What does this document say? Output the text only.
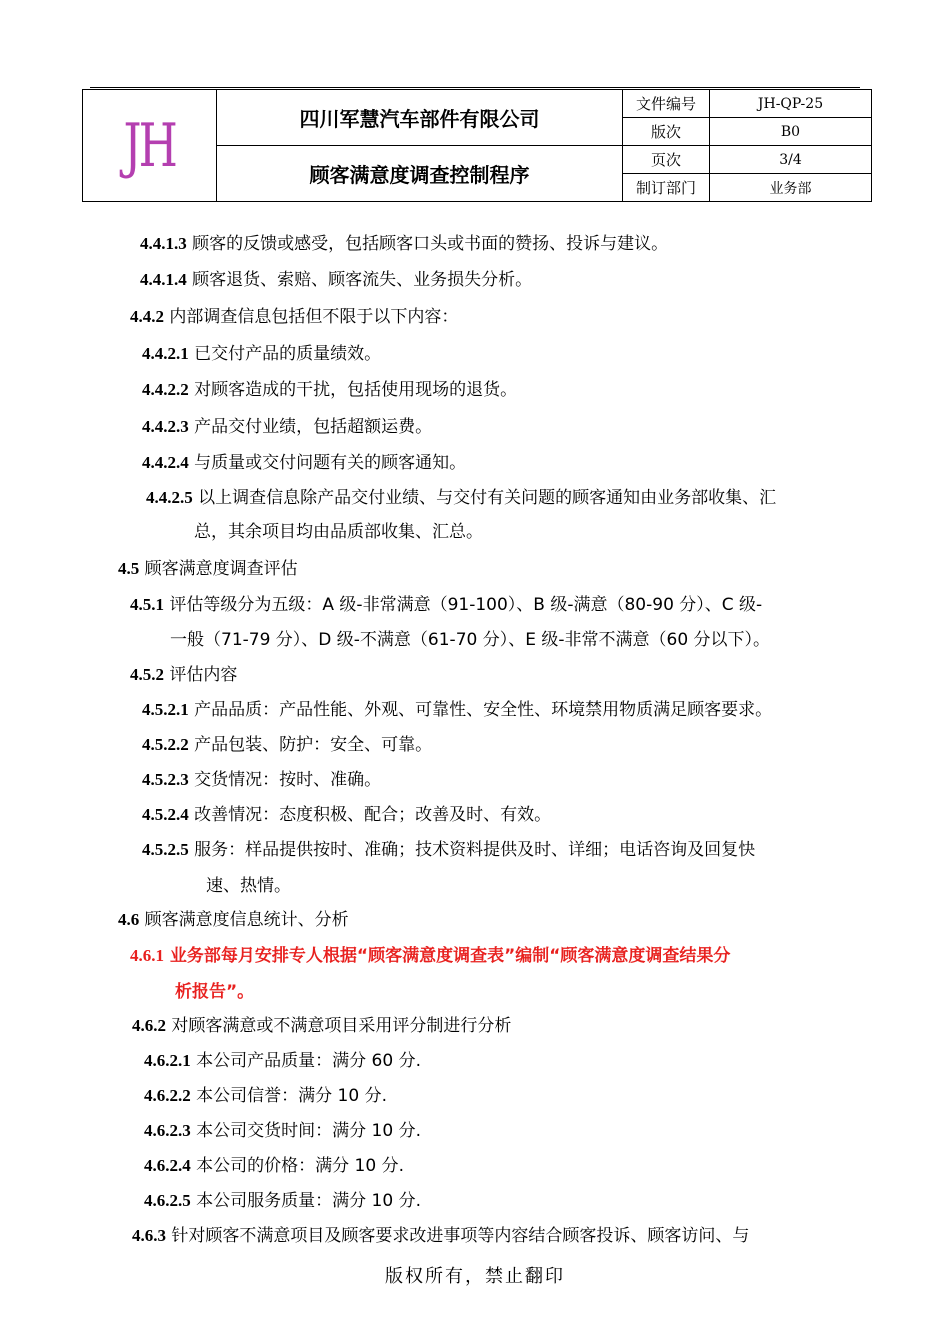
JH	四川军慧汽车部件有限公司	文件编号	JH-QP-25
		版次	B0
	顾客满意度调查控制程序	页次	3/4
		制订部门	业务部
4.4.1.3 顾客的反馈或感受，包括顾客口头或书面的赞扬、投诉与建议。
4.4.1.4 顾客退货、索赔、顾客流失、业务损失分析。
4.4.2 内部调查信息包括但不限于以下内容：
4.4.2.1 已交付产品的质量绩效。
4.4.2.2 对顾客造成的干扰，包括使用现场的退货。
4.4.2.3 产品交付业绩，包括超额运费。
4.4.2.4 与质量或交付问题有关的顾客通知。
4.4.2.5 以上调查信息除产品交付业绩、与交付有关问题的顾客通知由业务部收集、汇
总，其余项目均由品质部收集、汇总。
4.5 顾客满意度调查评估
4.5.1 评估等级分为五级：A 级-非常满意（91-100）、B 级-满意（80-90 分）、C 级-
一般（71-79 分）、D 级-不满意（61-70 分）、E 级-非常不满意（60 分以下）。
4.5.2 评估内容
4.5.2.1 产品品质：产品性能、外观、可靠性、安全性、环境禁用物质满足顾客要求。
4.5.2.2 产品包装、防护：安全、可靠。
4.5.2.3 交货情况：按时、准确。
4.5.2.4 改善情况：态度积极、配合；改善及时、有效。
4.5.2.5 服务：样品提供按时、准确；技术资料提供及时、详细；电话咨询及回复快
速、热情。
4.6 顾客满意度信息统计、分析
4.6.1 业务部每月安排专人根据“顾客满意度调查表”编制“顾客满意度调查结果分
析报告”。
4.6.2 对顾客满意或不满意项目采用评分制进行分析
4.6.2.1 本公司产品质量：满分 60 分.
4.6.2.2 本公司信誉：满分 10 分.
4.6.2.3 本公司交货时间：满分 10 分.
4.6.2.4 本公司的价格：满分 10 分.
4.6.2.5 本公司服务质量：满分 10 分.
4.6.3 针对顾客不满意项目及顾客要求改进事项等内容结合顾客投诉、顾客访问、与
版权所有，禁止翻印
